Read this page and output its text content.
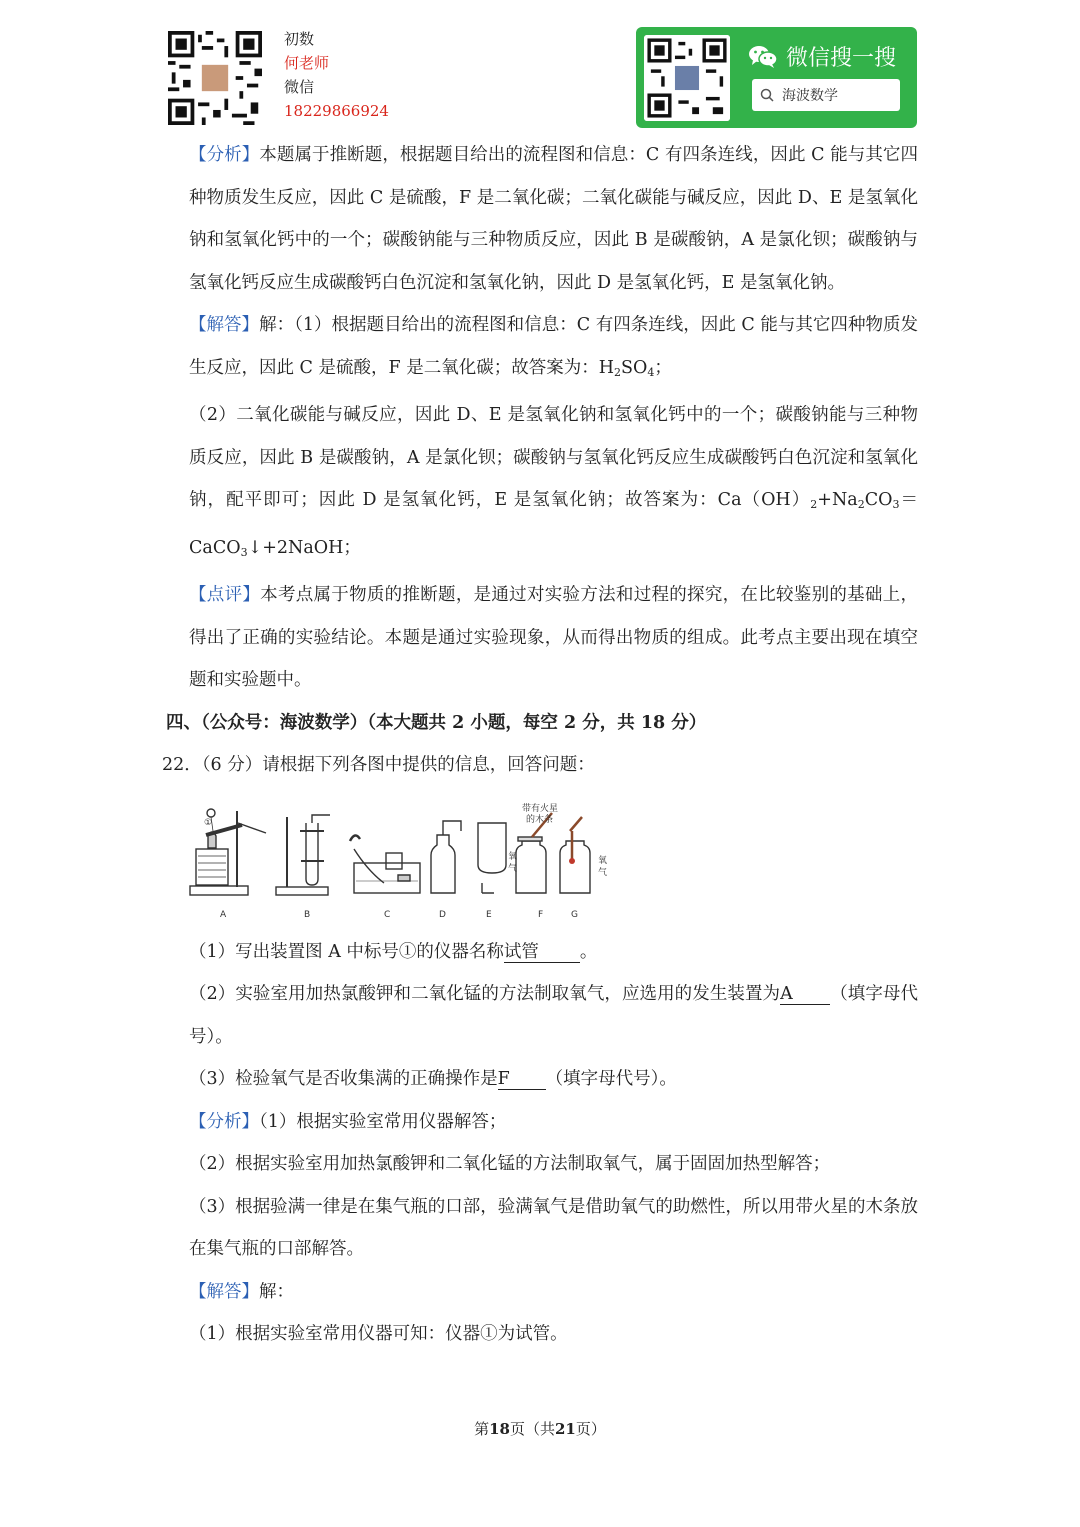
初数
何老师
微信
18229866924
微信搜一搜
海波数学

【分析】本题属于推断题，根据题目给出的流程图和信息：C 有四条连线，因此 C 能与其它四种物质发生反应，因此 C 是硫酸，F 是二氧化碳；二氧化碳能与碱反应，因此 D、E 是氢氧化钠和氢氧化钙中的一个；碳酸钠能与三种物质反应，因此 B 是碳酸钠，A 是氯化钡；碳酸钠与氢氧化钙反应生成碳酸钙白色沉淀和氢氧化钠，因此 D 是氢氧化钙，E 是氢氧化钠。

【解答】解：（1）根据题目给出的流程图和信息：C 有四条连线，因此 C 能与其它四种物质发生反应，因此 C 是硫酸，F 是二氧化碳；故答案为：$H_2SO_4$；

（2）二氧化碳能与碱反应，因此 D、E 是氢氧化钠和氢氧化钙中的一个；碳酸钠能与三种物质反应，因此 B 是碳酸钠，A 是氯化钡；碳酸钠与氢氧化钙反应生成碳酸钙白色沉淀和氢氧化钠，配平即可；因此 D 是氢氧化钙，E 是氢氧化钠；故答案为：$Ca(OH)_2+Na_2CO_3=CaCO_3↓+2NaOH$；

【点评】本考点属于物质的推断题，是通过对实验方法和过程的探究，在比较鉴别的基础上，得出了正确的实验结论。本题是通过实验现象，从而得出物质的组成。此考点主要出现在填空题和实验题中。

四、（公众号：海波数学）（本大题共 2 小题，每空 2 分，共 18 分）

22．（6 分）请根据下列各图中提供的信息，回答问题：

①
带有火星
的木条
氧
气
氧
气
A	B	C	D	E	F	G

（1）写出装置图 A 中标号①的仪器名称试管 。

（2）实验室用加热氯酸钾和二氧化锰的方法制取氧气，应选用的发生装置为A （填字母代号）。

（3）检验氧气是否收集满的正确操作是F （填字母代号）。

【分析】（1）根据实验室常用仪器解答；

（2）根据实验室用加热氯酸钾和二氧化锰的方法制取氧气，属于固固加热型解答；

（3）根据验满一律是在集气瓶的口部，验满氧气是借助氧气的助燃性，所以用带火星的木条放在集气瓶的口部解答。

【解答】解：

（1）根据实验室常用仪器可知：仪器①为试管。

第18页（共21页）
